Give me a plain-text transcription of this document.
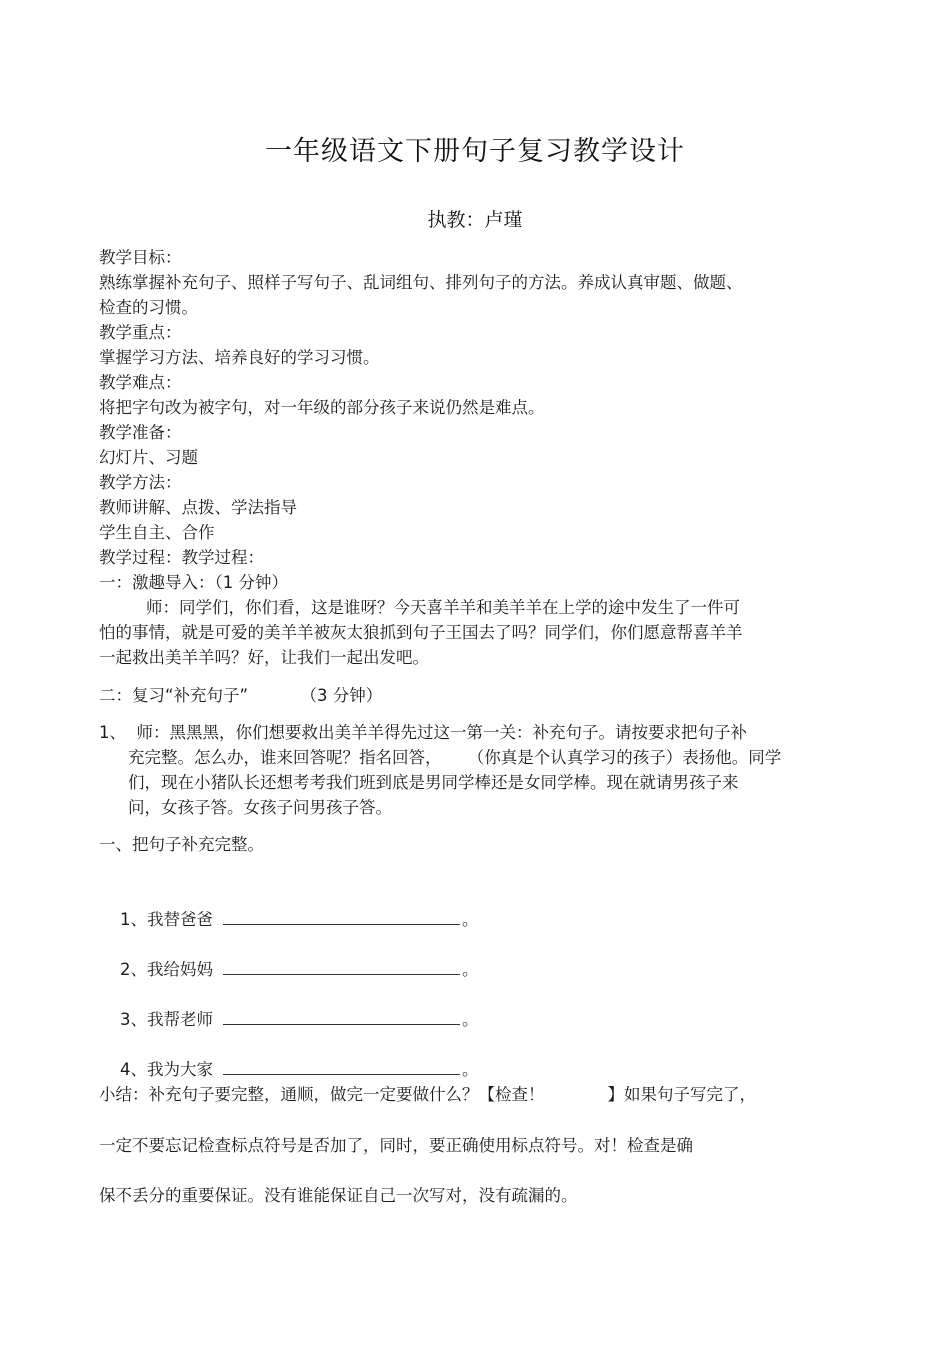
一年级语文下册句子复习教学设计
执教：卢瑾
教学目标：
熟练掌握补充句子、照样子写句子、乱词组句、排列句子的方法。养成认真审题、做题、
检查的习惯。
教学重点：
掌握学习方法、培养良好的学习习惯。
教学难点：
将把字句改为被字句，对一年级的部分孩子来说仍然是难点。
教学准备：
幻灯片、习题
教学方法：
教师讲解、点拨、学法指导
学生自主、合作
教学过程：教学过程：
一：激趣导入：（1 分钟）
师：同学们，你们看，这是谁呀？今天喜羊羊和美羊羊在上学的途中发生了一件可
怕的事情，就是可爱的美羊羊被灰太狼抓到句子王国去了吗？同学们，你们愿意帮喜羊羊
一起救出美羊羊吗？好，让我们一起出发吧。
二：复习“补充句子”          （3 分钟）
1、  师：黑黑黑，你们想要救出美羊羊得先过这一第一关：补充句子。请按要求把句子补
充完整。怎么办，谁来回答呢？指名回答，     （你真是个认真学习的孩子）表扬他。同学
们，现在小猪队长还想考考我们班到底是男同学棒还是女同学棒。现在就请男孩子来
问，女孩子答。女孩子问男孩子答。
一、把句子补充完整。

1、我替爸爸	。

2、我给妈妈	。

3、我帮老师	。

4、我为大家	。

小结：补充句子要完整，通顺，做完一定要做什么？【检查！            】如果句子写完了，
一定不要忘记检查标点符号是否加了，同时，要正确使用标点符号。对！检查是确
保不丢分的重要保证。没有谁能保证自己一次写对，没有疏漏的。
